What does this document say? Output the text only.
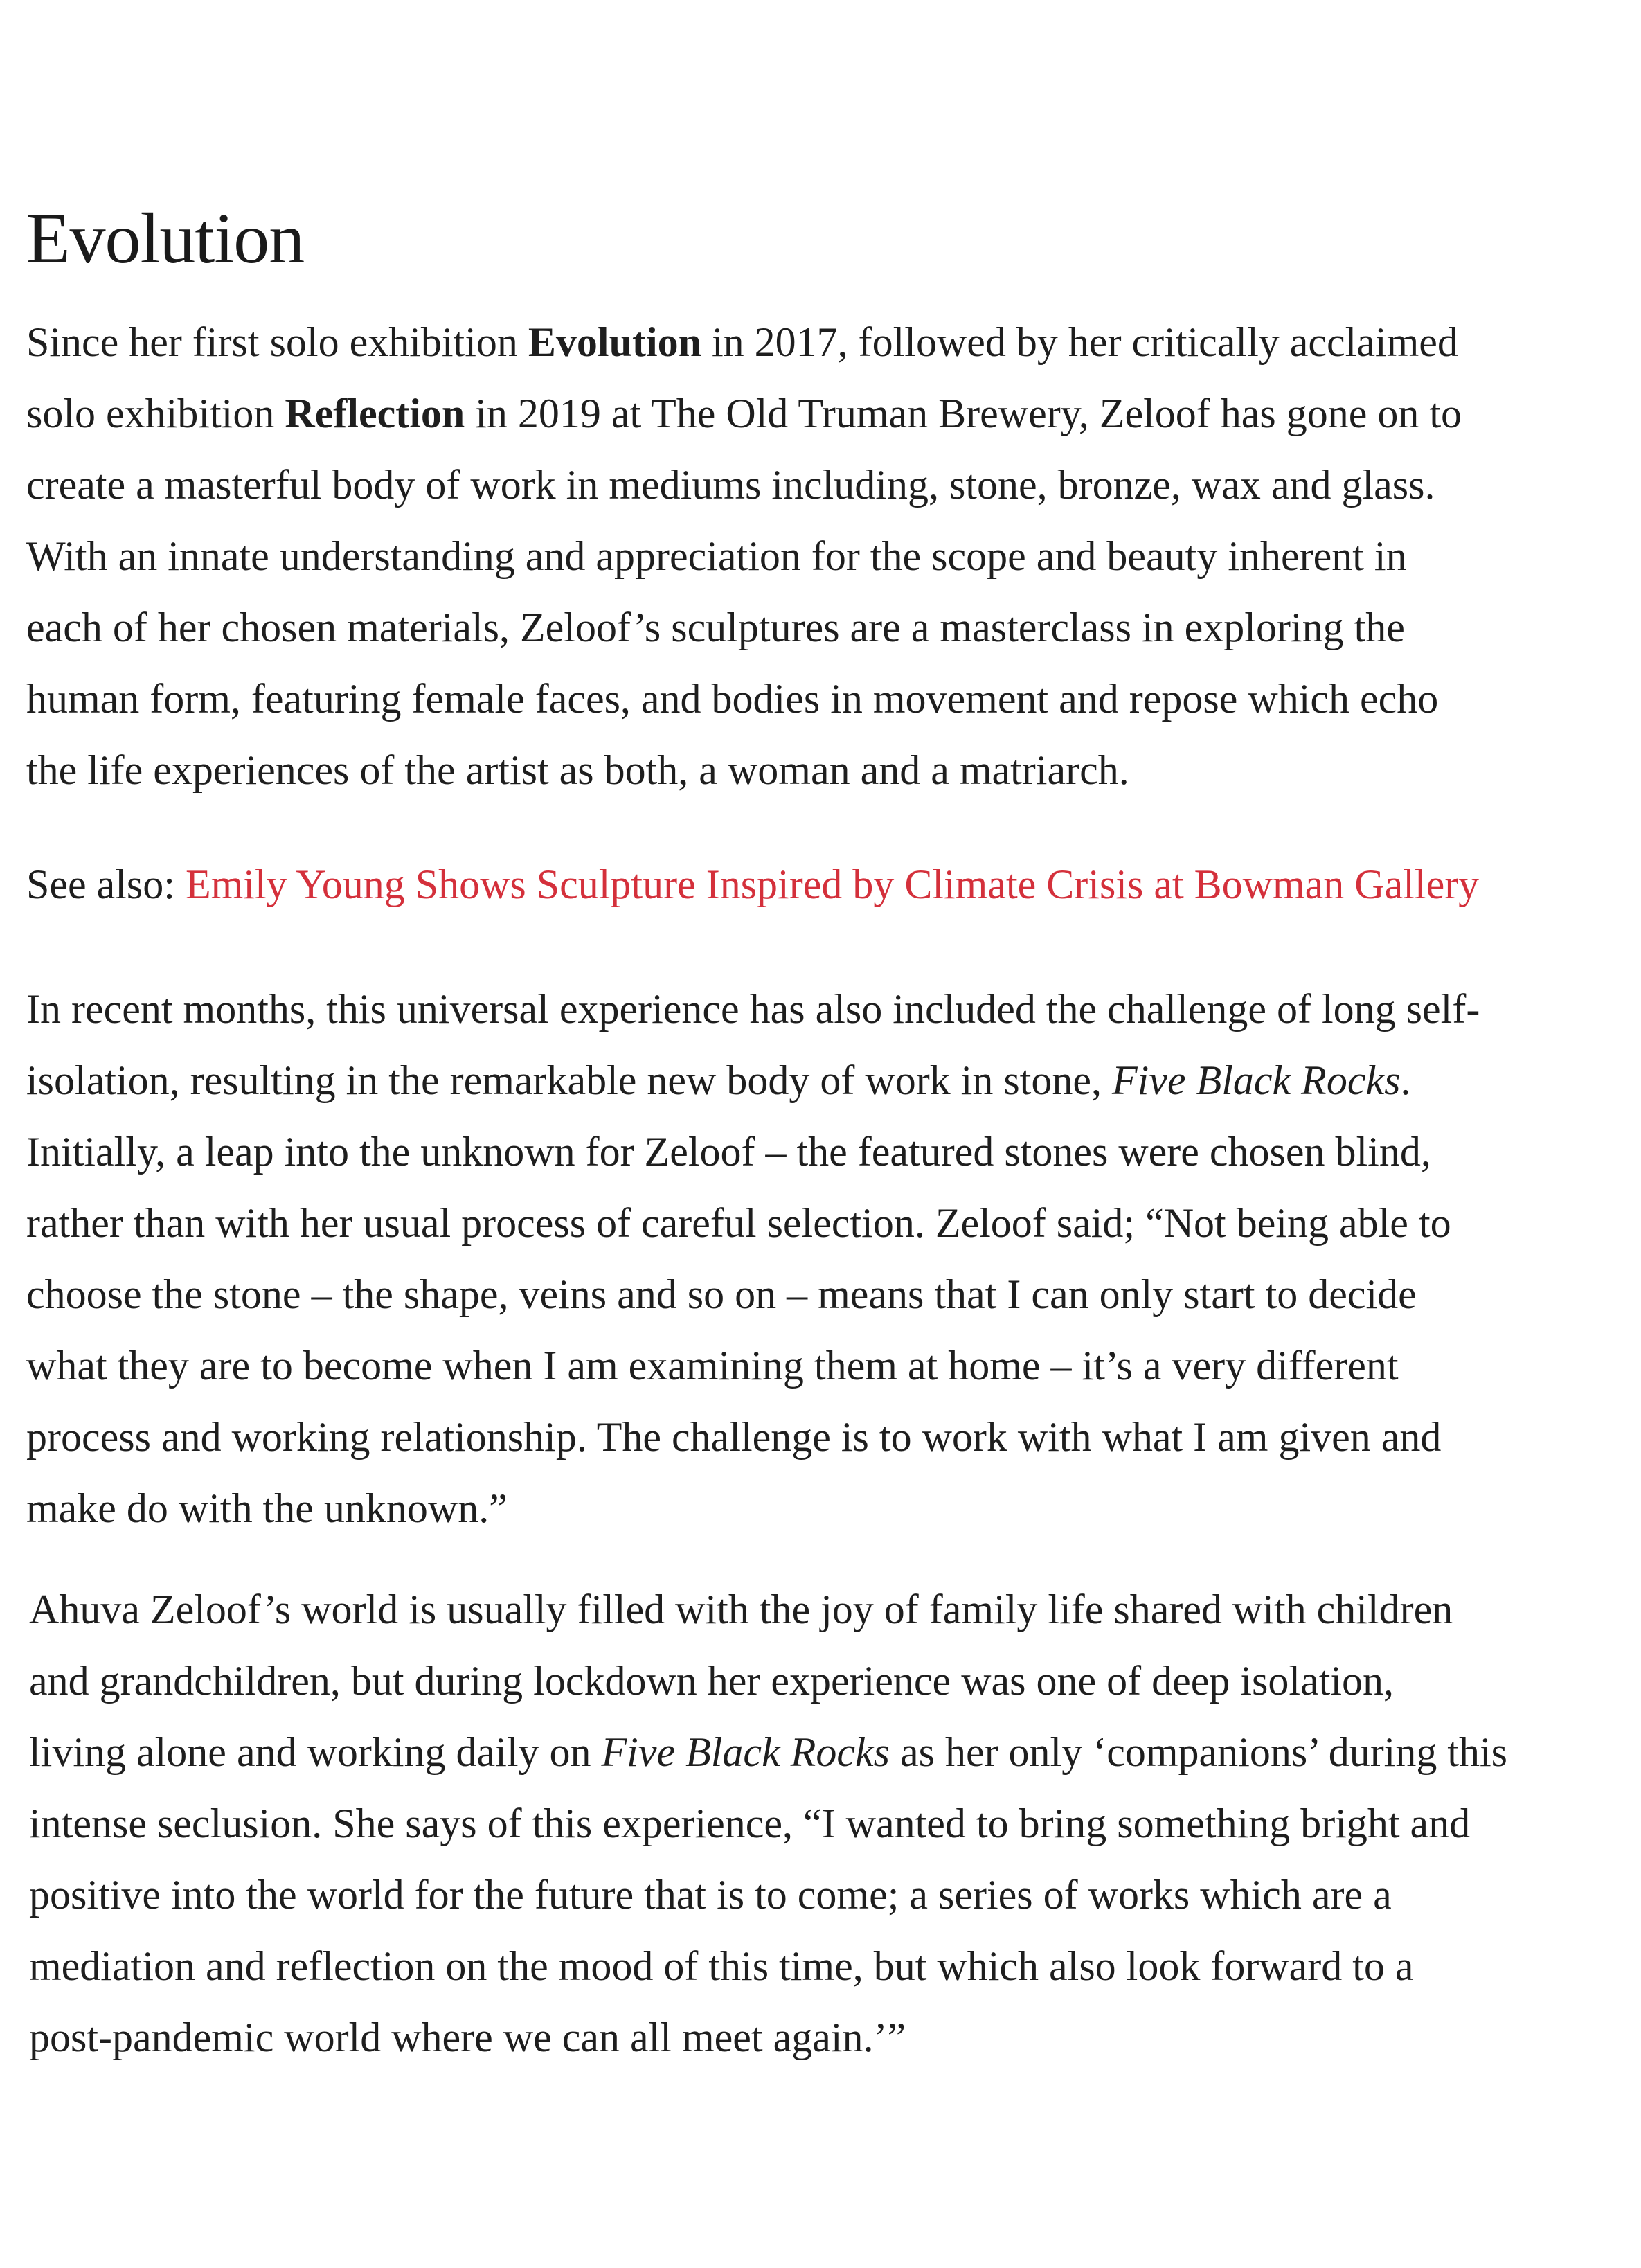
Evolution

Since her first solo exhibition Evolution in 2017, followed by her critically acclaimed
solo exhibition Reflection in 2019 at The Old Truman Brewery, Zeloof has gone on to
create a masterful body of work in mediums including, stone, bronze, wax and glass.
With an innate understanding and appreciation for the scope and beauty inherent in
each of her chosen materials, Zeloof’s sculptures are a masterclass in exploring the
human form, featuring female faces, and bodies in movement and repose which echo
the life experiences of the artist as both, a woman and a matriarch.

See also: Emily Young Shows Sculpture Inspired by Climate Crisis at Bowman Gallery

In recent months, this universal experience has also included the challenge of long self-
isolation, resulting in the remarkable new body of work in stone, Five Black Rocks.
Initially, a leap into the unknown for Zeloof – the featured stones were chosen blind,
rather than with her usual process of careful selection. Zeloof said; “Not being able to
choose the stone – the shape, veins and so on – means that I can only start to decide
what they are to become when I am examining them at home – it’s a very different
process and working relationship. The challenge is to work with what I am given and
make do with the unknown.”

Ahuva Zeloof’s world is usually filled with the joy of family life shared with children
and grandchildren, but during lockdown her experience was one of deep isolation,
living alone and working daily on Five Black Rocks as her only ‘companions’ during this
intense seclusion. She says of this experience, “I wanted to bring something bright and
positive into the world for the future that is to come; a series of works which are a
mediation and reflection on the mood of this time, but which also look forward to a
post-pandemic world where we can all meet again.’”
